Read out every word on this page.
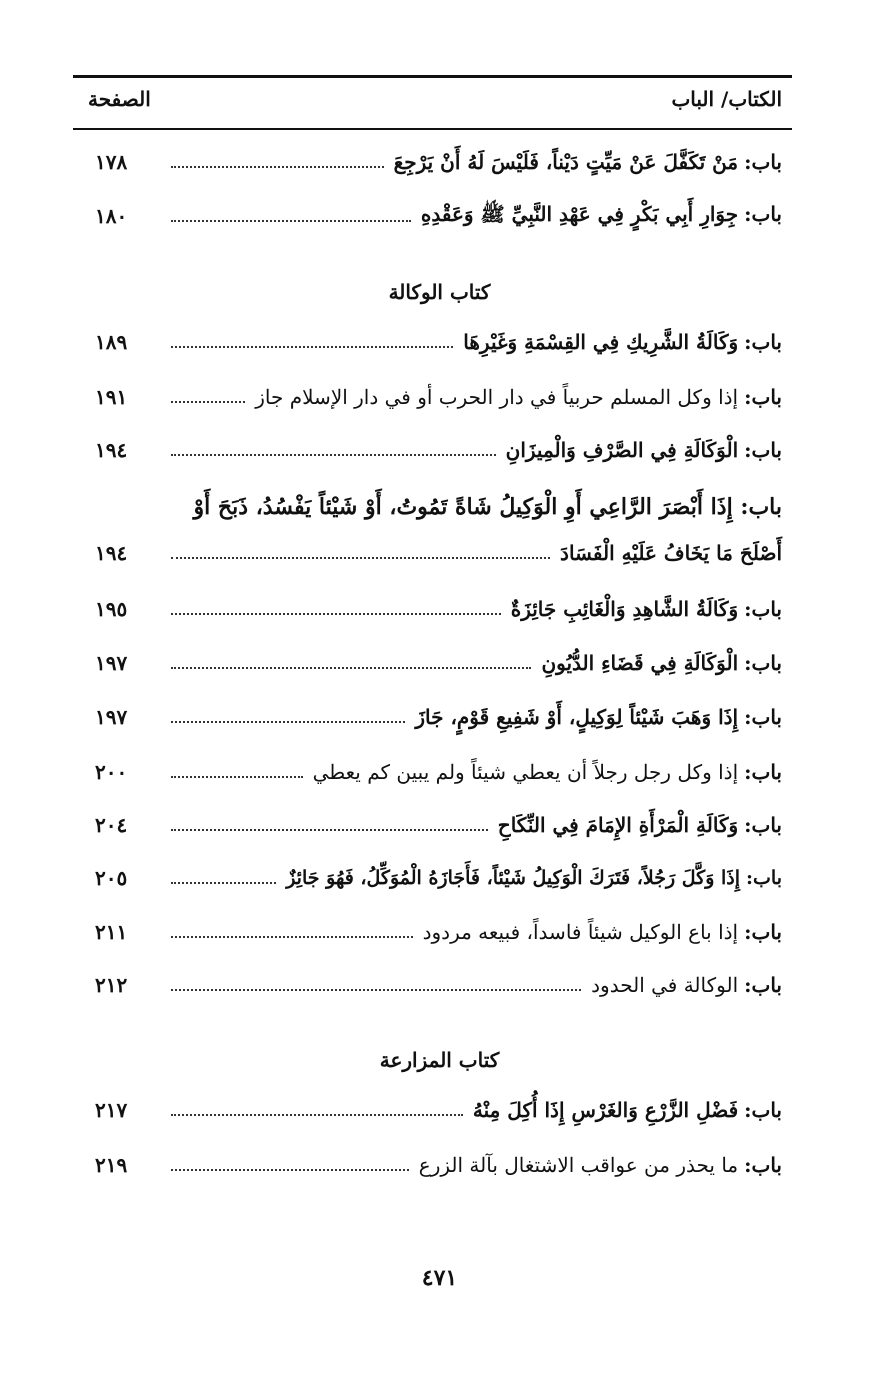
الكتاب/ الباب
الصفحة
باب:مَنْ تَكَفَّلَ عَنْ مَيِّتٍ دَيْناً، فَلَيْسَ لَهُ أَنْ يَرْجِعَ
١٧٨
باب:جِوَارِ أَبِي بَكْرٍ فِي عَهْدِ النَّبِيِّ ﷺ وَعَقْدِهِ
١٨٠
كتاب الوكالة
باب:وَكَالَةُ الشَّرِيكِ فِي القِسْمَةِ وَغَيْرِهَا
١٨٩
باب:إذا وكل المسلم حربياً في دار الحرب أو في دار الإسلام جاز
١٩١
باب:الْوَكَالَةِ فِي الصَّرْفِ وَالْمِيزَانِ
١٩٤
باب: إِذَا أَبْصَرَ الرَّاعِي أَوِ الْوَكِيلُ شَاةً تَمُوتُ، أَوْ شَيْئاً يَفْسُدُ، ذَبَحَ أَوْ
أَصْلَحَ مَا يَخَافُ عَلَيْهِ الْفَسَادَ
١٩٤
باب:وَكَالَةُ الشَّاهِدِ وَالْغَائِبِ جَائِزَةٌ
١٩٥
باب:الْوَكَالَةِ فِي قَضَاءِ الدُّيُونِ
١٩٧
باب:إِذَا وَهَبَ شَيْئاً لِوَكِيلٍ، أَوْ شَفِيعِ قَوْمٍ، جَازَ
١٩٧
باب:إذا وكل رجل رجلاً أن يعطي شيئاً ولم يبين كم يعطي
٢٠٠
باب:وَكَالَةِ الْمَرْأَةِ الإِمَامَ فِي النِّكَاحِ
٢٠٤
باب:إِذَا وَكَّلَ رَجُلاً، فَتَرَكَ الْوَكِيلُ شَيْئاً، فَأَجَازَهُ الْمُوَكِّلُ، فَهُوَ جَائِزٌ
٢٠٥
باب:إذا باع الوكيل شيئاً فاسداً، فبيعه مردود
٢١١
باب:الوكالة في الحدود
٢١٢
كتاب المزارعة
باب:فَضْلِ الزَّرْعِ وَالغَرْسِ إِذَا أُكِلَ مِنْهُ
٢١٧
باب:ما يحذر من عواقب الاشتغال بآلة الزرع
٢١٩
٤٧١
